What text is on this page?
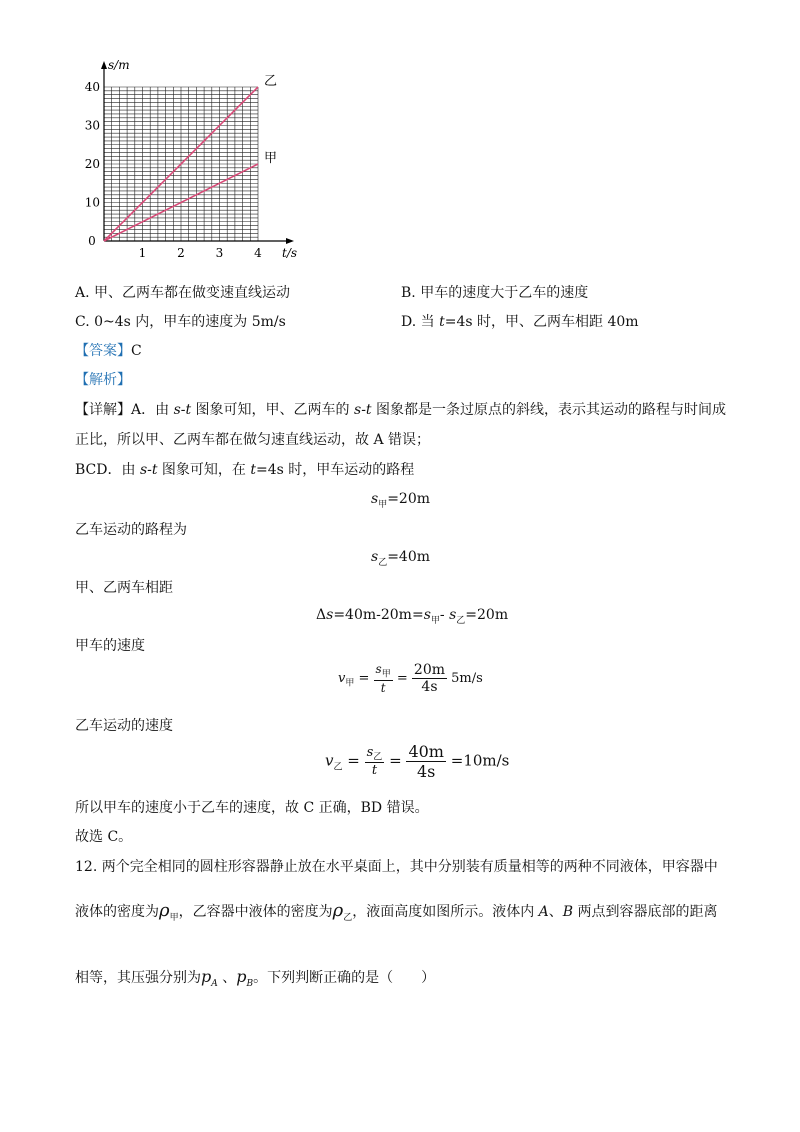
1	2	3	4
10
20
30
40
0
s/m
t/s
乙
甲
A. 甲、乙两车都在做变速直线运动	B. 甲车的速度大于乙车的速度
C. 0~4s 内，甲车的速度为 5m/s	D. 当 t=4s 时，甲、乙两车相距 40m
【答案】C
【解析】
【详解】A．由 s-t 图象可知，甲、乙两车的 s-t 图象都是一条过原点的斜线，表示其运动的路程与时间成
正比，所以甲、乙两车都在做匀速直线运动，故 A 错误；
BCD．由 s-t 图象可知，在 t=4s 时，甲车运动的路程
$s_甲=20m$
乙车运动的路程为
$s_乙=40m$
甲、乙两车相距
$\Delta s=40m-20m=s_甲-$ $s_乙=20m$
甲车的速度
$v_甲 = \frac{s_甲}{t} = \frac{20m}{4s} 5m/s$
乙车运动的速度
$v_乙 = \frac{s_乙}{t} = \frac{40m}{4s} =10m/s$
所以甲车的速度小于乙车的速度，故 C 正确，BD 错误。
故选 C。
12. 两个完全相同的圆柱形容器静止放在水平桌面上，其中分别装有质量相等的两种不同液体，甲容器中
液体的密度为$\rho_甲$，乙容器中液体的密度为$\rho_乙$，液面高度如图所示。液体内 A、B 两点到容器底部的距离
相等，其压强分别为$p_A$ 、$p_B$。下列判断正确的是（　　）
